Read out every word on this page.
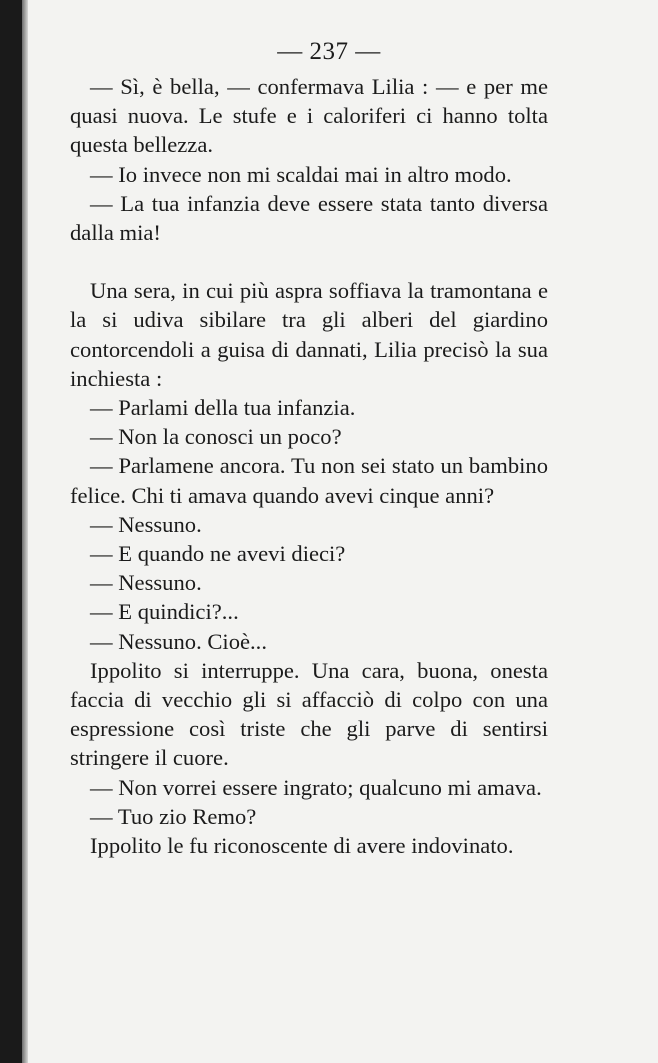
— 237 —

— Sì, è bella, — confermava Lilia : — e per me quasi nuova. Le stufe e i caloriferi ci hanno tolta questa bellezza.

— Io invece non mi scaldai mai in altro modo.

— La tua infanzia deve essere stata tanto diversa dalla mia!

Una sera, in cui più aspra soffiava la tramontana e la si udiva sibilare tra gli alberi del giardino contorcendoli a guisa di dannati, Lilia precisò la sua inchiesta :

— Parlami della tua infanzia.

— Non la conosci un poco?

— Parlamene ancora. Tu non sei stato un bambino felice. Chi ti amava quando avevi cinque anni?

— Nessuno.

— E quando ne avevi dieci?

— Nessuno.

— E quindici?...

— Nessuno. Cioè...

Ippolito si interruppe. Una cara, buona, onesta faccia di vecchio gli si affacciò di colpo con una espressione così triste che gli parve di sentirsi stringere il cuore.

— Non vorrei essere ingrato; qualcuno mi amava.

— Tuo zio Remo?

Ippolito le fu riconoscente di avere indovinato.
